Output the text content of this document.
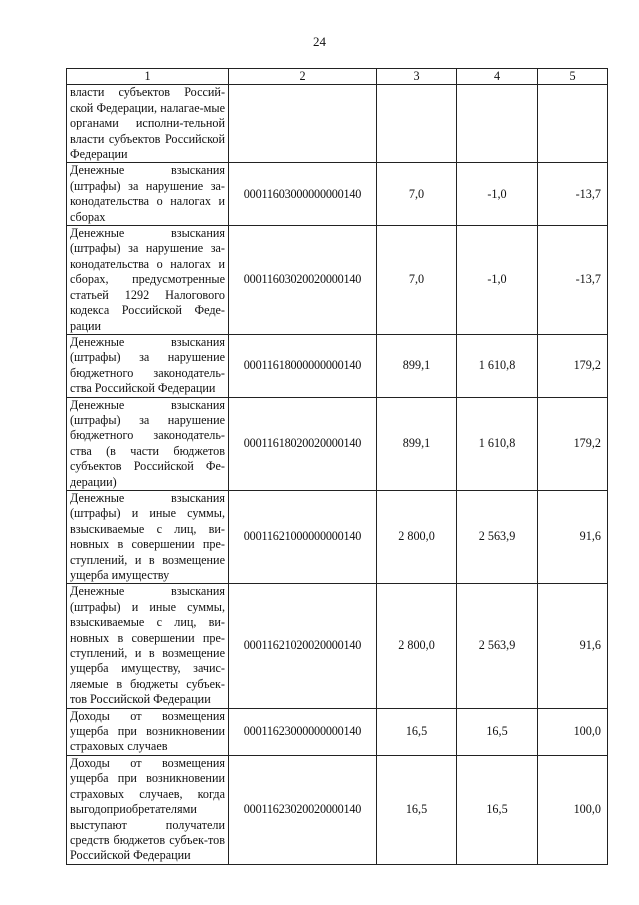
24
1	2	3	4	5
власти субъектов Россий-ской Федерации, налагае-мые органами исполни-тельной власти субъектов Российской Федерации				
Денежные взыскания (штрафы) за нарушение за-конодательства о налогах и сборах	00011603000000000140	7,0	-1,0	-13,7
Денежные взыскания (штрафы) за нарушение за-конодательства о налогах и сборах, предусмотренные статьей 1292 Налогового кодекса Российской Феде-рации	00011603020020000140	7,0	-1,0	-13,7
Денежные взыскания (штрафы) за нарушение бюджетного законодатель-ства Российской Федерации	00011618000000000140	899,1	1 610,8	179,2
Денежные взыскания (штрафы) за нарушение бюджетного законодатель-ства (в части бюджетов субъектов Российской Фе-дерации)	00011618020020000140	899,1	1 610,8	179,2
Денежные взыскания (штрафы) и иные суммы, взыскиваемые с лиц, ви-новных в совершении пре-ступлений, и в возмещение ущерба имуществу	00011621000000000140	2 800,0	2 563,9	91,6
Денежные взыскания (штрафы) и иные суммы, взыскиваемые с лиц, ви-новных в совершении пре-ступлений, и в возмещение ущерба имуществу, зачис-ляемые в бюджеты субъек-тов Российской Федерации	00011621020020000140	2 800,0	2 563,9	91,6
Доходы от возмещения ущерба при возникновении страховых случаев	00011623000000000140	16,5	16,5	100,0
Доходы от возмещения ущерба при возникновении страховых случаев, когда выгодоприобретателями выступают получатели средств бюджетов субъек-тов Российской Федерации	00011623020020000140	16,5	16,5	100,0
